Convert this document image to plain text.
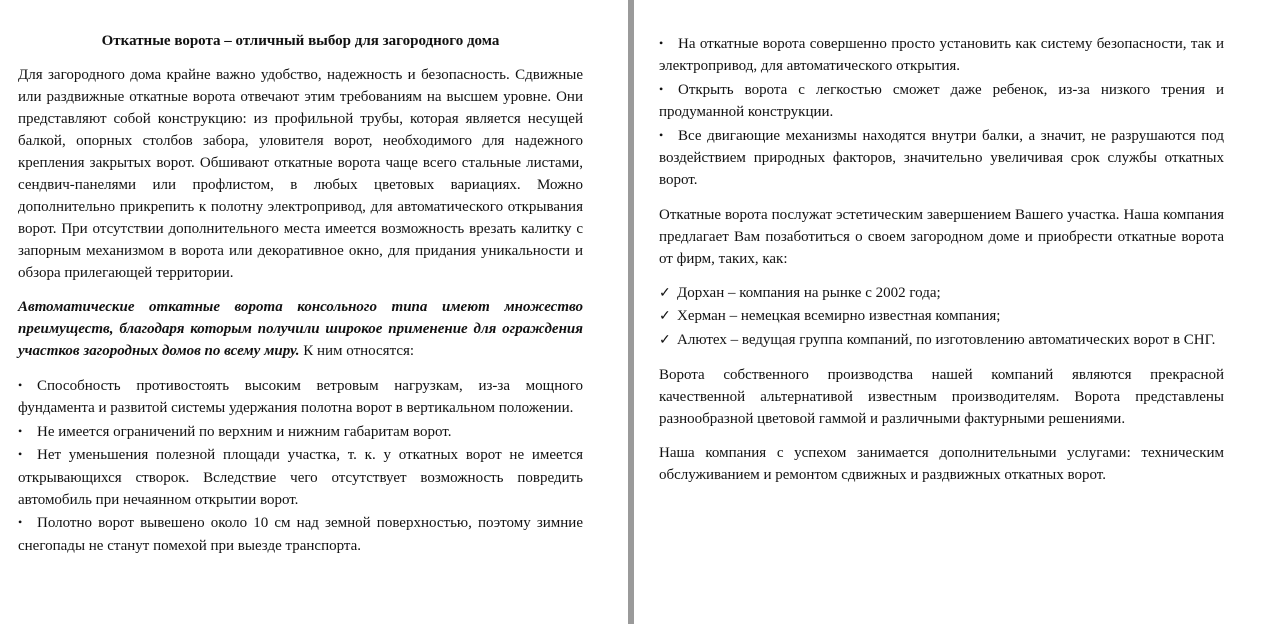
Откатные ворота – отличный выбор для загородного дома

Для загородного дома крайне важно удобство, надежность и безопасность. Сдвижные или раздвижные откатные ворота отвечают этим требованиям на высшем уровне. Они представляют собой конструкцию: из профильной трубы, которая является несущей балкой, опорных столбов забора, уловителя ворот, необходимого для надежного крепления закрытых ворот. Обшивают откатные ворота чаще всего стальные листами, сендвич-панелями или профлистом, в любых цветовых вариациях. Можно дополнительно прикрепить к полотну электропривод, для автоматического открывания ворот. При отсутствии дополнительного места имеется возможность врезать калитку с запорным механизмом в ворота или декоративное окно, для придания уникальности и обзора прилегающей территории.

Автоматические откатные ворота консольного типа имеют множество преимуществ, благодаря которым получили широкое применение для ограждения участков загородных домов по всему миру. К ним относятся:

• Способность противостоять высоким ветровым нагрузкам, из-за мощного фундамента и развитой системы удержания полотна ворот в вертикальном положении.
• Не имеется ограничений по верхним и нижним габаритам ворот.
• Нет уменьшения полезной площади участка, т. к. у откатных ворот не имеется открывающихся створок. Вследствие чего отсутствует возможность повредить автомобиль при нечаянном открытии ворот.
• Полотно ворот вывешено около 10 см над земной поверхностью, поэтому зимние снегопады не станут помехой при выезде транспорта.
• На откатные ворота совершенно просто установить как систему безопасности, так и электропривод, для автоматического открытия.
• Открыть ворота с легкостью сможет даже ребенок, из-за низкого трения и продуманной конструкции.
• Все двигающие механизмы находятся внутри балки, а значит, не разрушаются под воздействием природных факторов, значительно увеличивая срок службы откатных ворот.

Откатные ворота послужат эстетическим завершением Вашего участка. Наша компания предлагает Вам позаботиться о своем загородном доме и приобрести откатные ворота от фирм, таких, как:

✓ Дорхан – компания на рынке с 2002 года;
✓ Херман – немецкая всемирно известная компания;
✓ Алютех – ведущая группа компаний, по изготовлению автоматических ворот в СНГ.

Ворота собственного производства нашей компаний являются прекрасной качественной альтернативой известным производителям. Ворота представлены разнообразной цветовой гаммой и различными фактурными решениями.

Наша компания с успехом занимается дополнительными услугами: техническим обслуживанием и ремонтом сдвижных и раздвижных откатных ворот.
